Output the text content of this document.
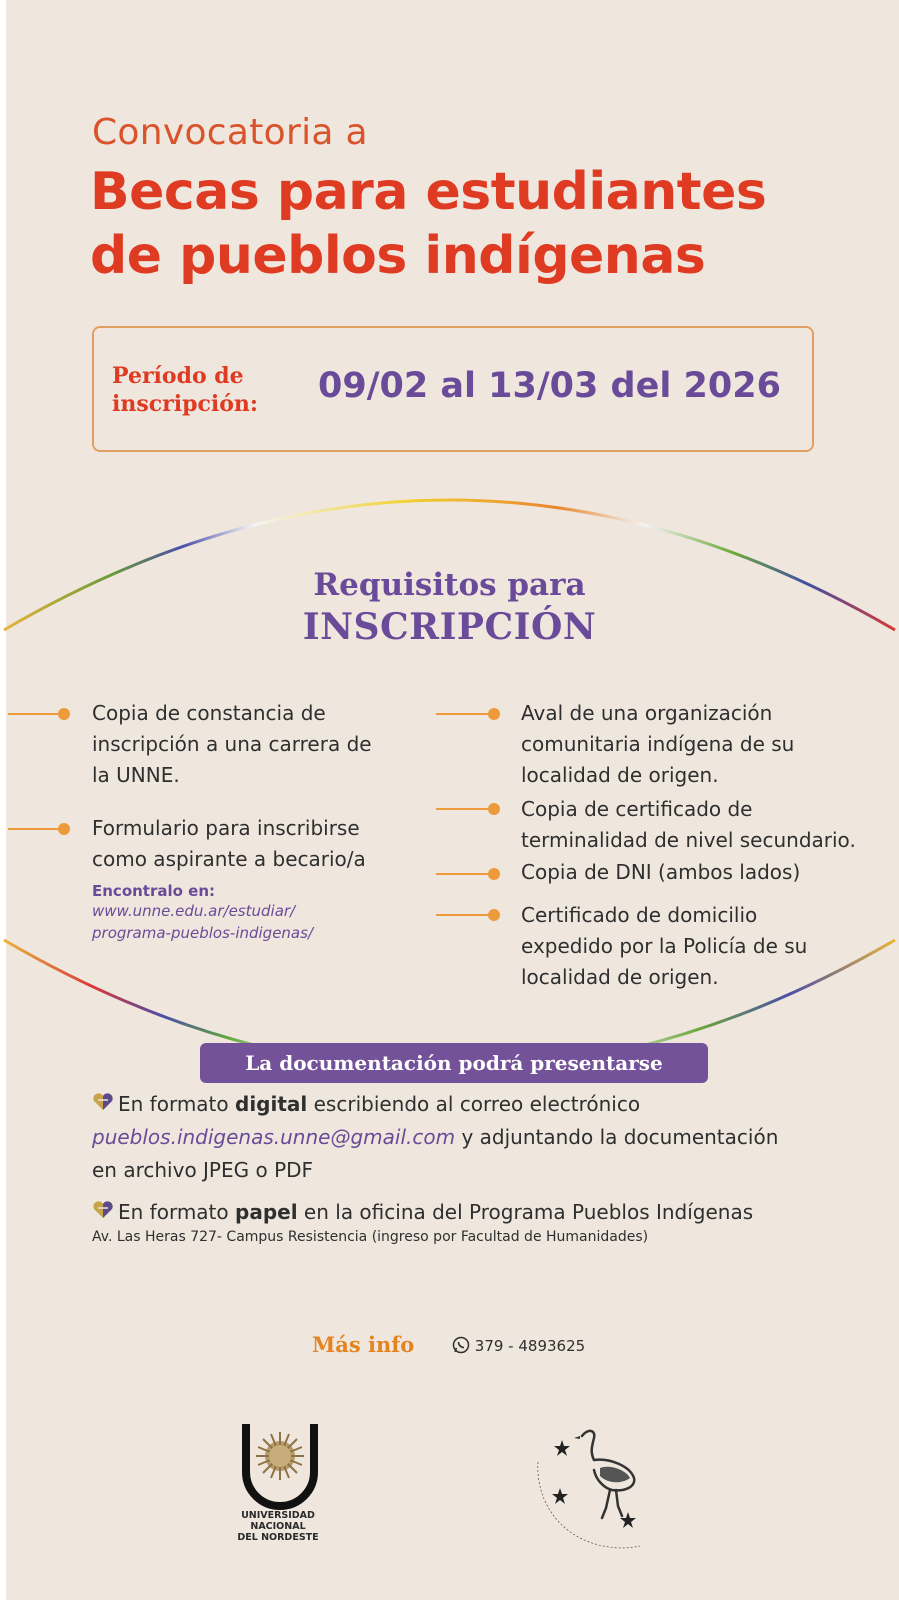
Convocatoria a
Becas para estudiantes
de pueblos indígenas
Período de
inscripción: 09/02 al 13/03 del 2026
Requisitos para
INSCRIPCIÓN
Copia de constancia de
inscripción a una carrera de
la UNNE.
Formulario para inscribirse
como aspirante a becario/a
Encontralo en:
www.unne.edu.ar/estudiar/
programa-pueblos-indigenas/
Aval de una organización
comunitaria indígena de su
localidad de origen.
Copia de certificado de
terminalidad de nivel secundario.
Copia de DNI (ambos lados)
Certificado de domicilio
expedido por la Policía de su
localidad de origen.
La documentación podrá presentarse
En formato digital escribiendo al correo electrónico
pueblos.indigenas.unne@gmail.com y adjuntando la documentación
en archivo JPEG o PDF
En formato papel en la oficina del Programa Pueblos Indígenas
Av. Las Heras 727- Campus Resistencia (ingreso por Facultad de Humanidades)
Más info	379 - 4893625
UNIVERSIDAD
NACIONAL
DEL NORDESTE
